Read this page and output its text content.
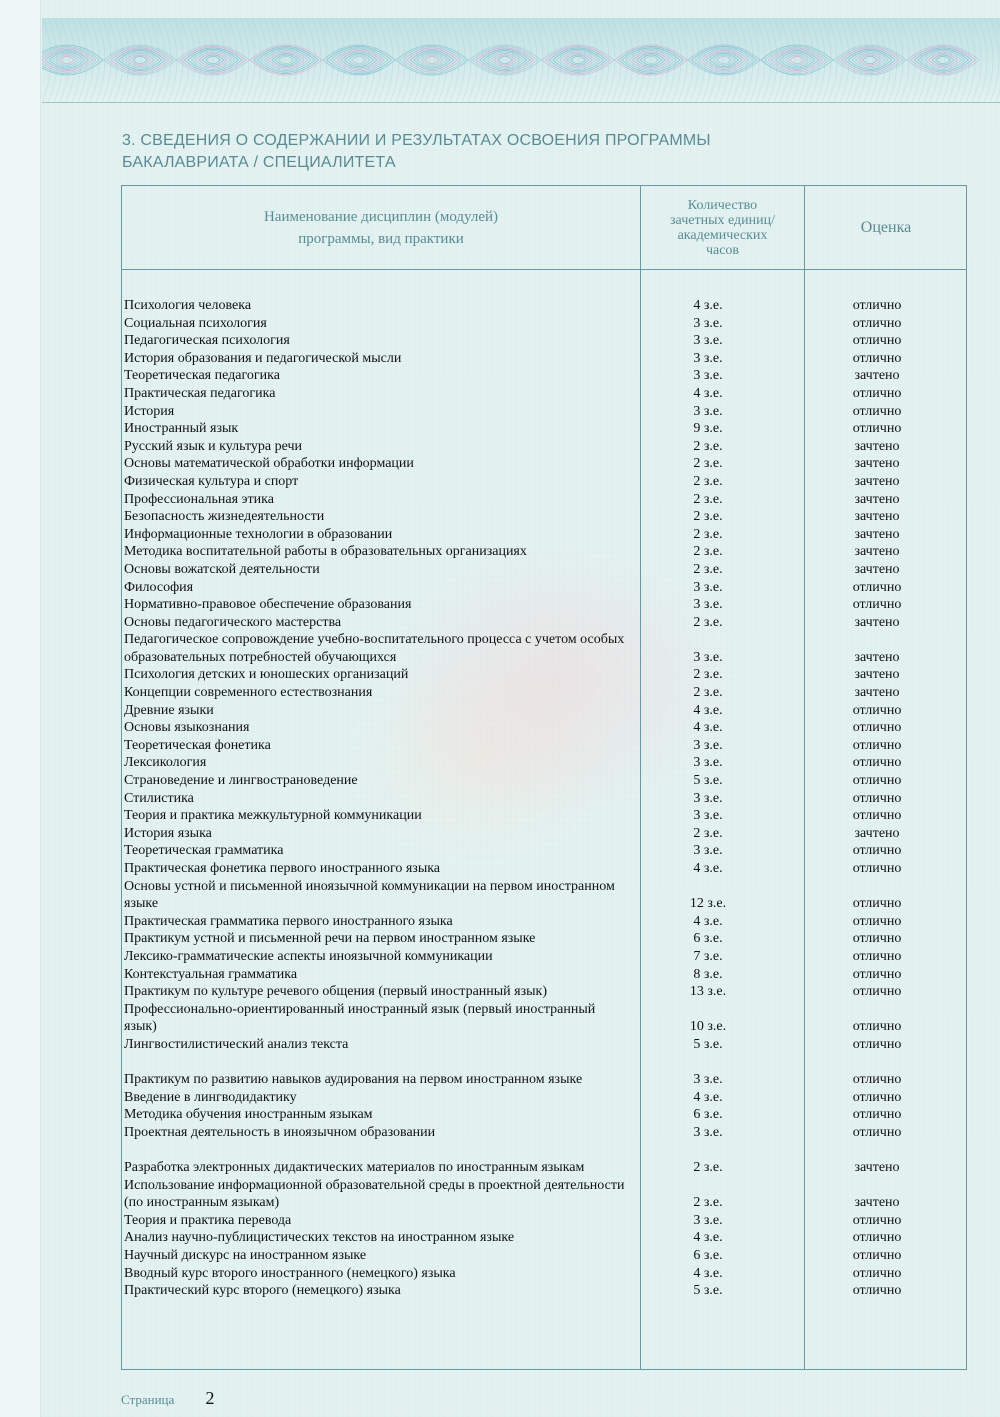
3. СВЕДЕНИЯ О СОДЕРЖАНИИ И РЕЗУЛЬТАТАХ ОСВОЕНИЯ ПРОГРАММЫ
БАКАЛАВРИАТА / СПЕЦИАЛИТЕТА
Наименование дисциплин (модулей)
программы, вид практики
Количество
зачетных единиц/
академических
часов
Оценка
Психология человека	4 з.е.	отлично
Социальная психология	3 з.е.	отлично
Педагогическая психология	3 з.е.	отлично
История образования и педагогической мысли	3 з.е.	отлично
Теоретическая педагогика	3 з.е.	зачтено
Практическая педагогика	4 з.е.	отлично
История	3 з.е.	отлично
Иностранный язык	9 з.е.	отлично
Русский язык и культура речи	2 з.е.	зачтено
Основы математической обработки информации	2 з.е.	зачтено
Физическая культура и спорт	2 з.е.	зачтено
Профессиональная этика	2 з.е.	зачтено
Безопасность жизнедеятельности	2 з.е.	зачтено
Информационные технологии в образовании	2 з.е.	зачтено
Методика воспитательной работы в образовательных организациях	2 з.е.	зачтено
Основы вожатской деятельности	2 з.е.	зачтено
Философия	3 з.е.	отлично
Нормативно-правовое обеспечение образования	3 з.е.	отлично
Основы педагогического мастерства	2 з.е.	зачтено
Педагогическое сопровождение учебно-воспитательного процесса с учетом особых образовательных потребностей обучающихся	3 з.е.	зачтено
Психология детских и юношеских организаций	2 з.е.	зачтено
Концепции современного естествознания	2 з.е.	зачтено
Древние языки	4 з.е.	отлично
Основы языкознания	4 з.е.	отлично
Теоретическая фонетика	3 з.е.	отлично
Лексикология	3 з.е.	отлично
Страноведение и лингвострановедение	5 з.е.	отлично
Стилистика	3 з.е.	отлично
Теория и практика межкультурной коммуникации	3 з.е.	отлично
История языка	2 з.е.	зачтено
Теоретическая грамматика	3 з.е.	отлично
Практическая фонетика первого иностранного языка	4 з.е.	отлично
Основы устной и письменной иноязычной коммуникации на первом иностранном языке	12 з.е.	отлично
Практическая грамматика первого иностранного языка	4 з.е.	отлично
Практикум устной и письменной речи на первом иностранном языке	6 з.е.	отлично
Лексико-грамматические аспекты иноязычной коммуникации	7 з.е.	отлично
Контекстуальная грамматика	8 з.е.	отлично
Практикум по культуре речевого общения (первый иностранный язык)	13 з.е.	отлично
Профессионально-ориентированный иностранный язык (первый иностранный язык)	10 з.е.	отлично
Лингвостилистический анализ текста	5 з.е.	отлично
Практикум по развитию навыков аудирования на первом иностранном языке	3 з.е.	отлично
Введение в лингводидактику	4 з.е.	отлично
Методика обучения иностранным языкам	6 з.е.	отлично
Проектная деятельность в иноязычном образовании	3 з.е.	отлично
Разработка электронных дидактических материалов по иностранным языкам	2 з.е.	зачтено
Использование информационной образовательной среды в проектной деятельности (по иностранным языкам)	2 з.е.	зачтено
Теория и практика перевода	3 з.е.	отлично
Анализ научно-публицистических текстов на иностранном языке	4 з.е.	отлично
Научный дискурс на иностранном языке	6 з.е.	отлично
Вводный курс второго иностранного (немецкого) языка	4 з.е.	отлично
Практический курс второго (немецкого) языка	5 з.е.	отлично
Страница 2
